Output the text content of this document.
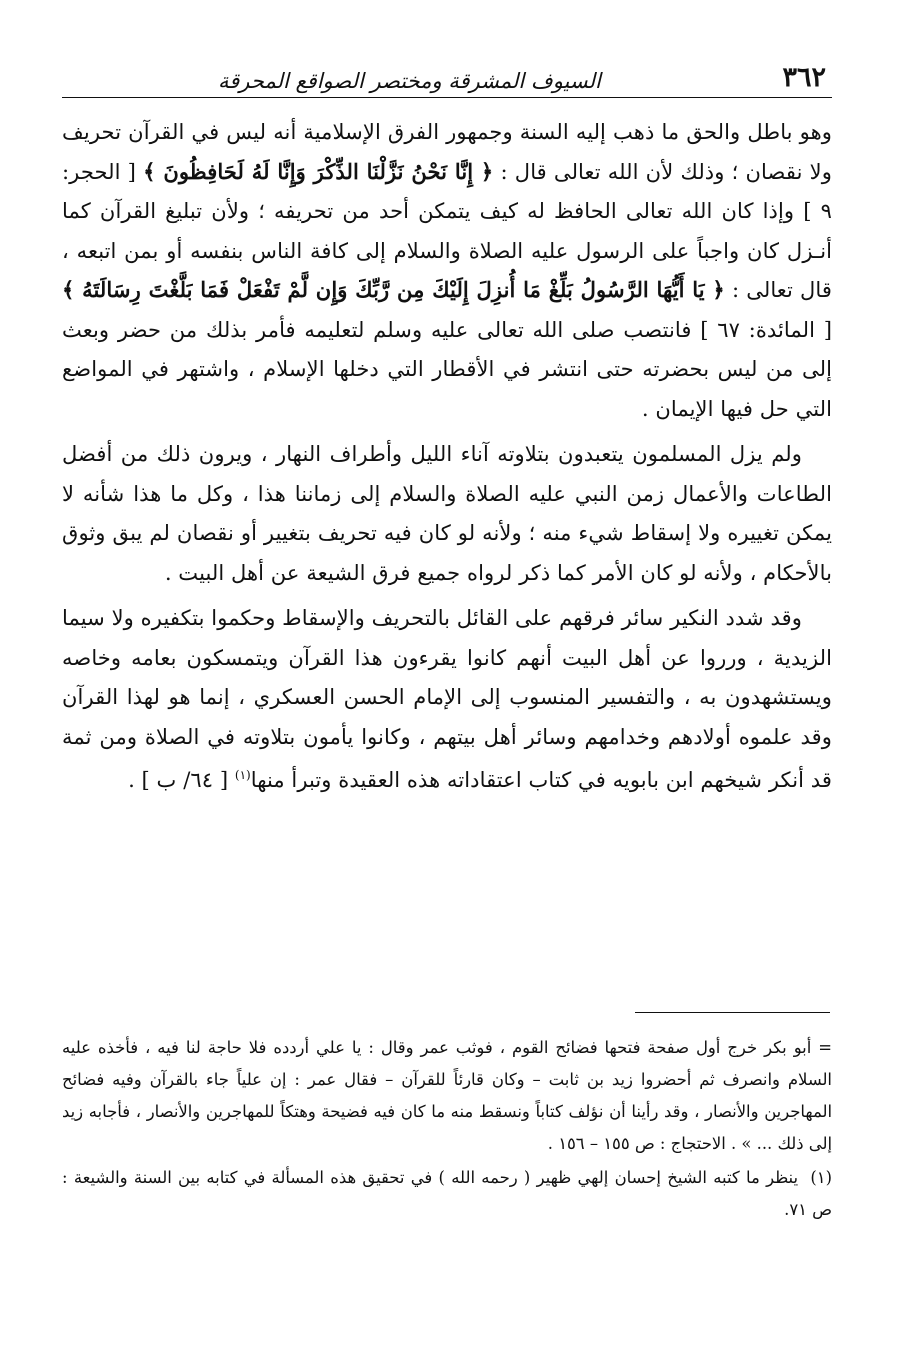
٣٦٢
السيوف المشرقة ومختصر الصواقع المحرقة

وهو باطل والحق ما ذهب إليه السنة وجمهور الفرق الإسلامية أنه ليس في القرآن تحريف ولا نقصان ؛ وذلك لأن الله تعالى قال : ﴿ إِنَّا نَحْنُ نَزَّلْنَا الذِّكْرَ وَإِنَّا لَهُ لَحَافِظُونَ ﴾ [ الحجر: ٩ ] وإذا كان الله تعالى الحافظ له كيف يتمكن أحد من تحريفه ؛ ولأن تبليغ القرآن كما أنـزل كان واجباً على الرسول عليه الصلاة والسلام إلى كافة الناس بنفسه أو بمن اتبعه ، قال تعالى : ﴿ يَا أَيُّهَا الرَّسُولُ بَلِّغْ مَا أُنزِلَ إِلَيْكَ مِن رَّبِّكَ وَإِن لَّمْ تَفْعَلْ فَمَا بَلَّغْتَ رِسَالَتَهُ ﴾ [ المائدة: ٦٧ ] فانتصب صلى الله تعالى عليه وسلم لتعليمه فأمر بذلك من حضر وبعث إلى من ليس بحضرته حتى انتشر في الأقطار التي دخلها الإسلام ، واشتهر في المواضع التي حل فيها الإيمان .

ولم يزل المسلمون يتعبدون بتلاوته آناء الليل وأطراف النهار ، ويرون ذلك من أفضل الطاعات والأعمال زمن النبي عليه الصلاة والسلام إلى زماننا هذا ، وكل ما هذا شأنه لا يمكن تغييره ولا إسقاط شيء منه ؛ ولأنه لو كان فيه تحريف بتغيير أو نقصان لم يبق وثوق بالأحكام ، ولأنه لو كان الأمر كما ذكر لرواه جميع فرق الشيعة عن أهل البيت .

وقد شدد النكير سائر فرقهم على القائل بالتحريف والإسقاط وحكموا بتكفيره ولا سيما الزيدية ، ورروا عن أهل البيت أنهم كانوا يقرءون هذا القرآن ويتمسكون بعامه وخاصه ويستشهدون به ، والتفسير المنسوب إلى الإمام الحسن العسكري ، إنما هو لهذا القرآن وقد علموه أولادهم وخدامهم وسائر أهل بيتهم ، وكانوا يأمون بتلاوته في الصلاة ومن ثمة قد أنكر شيخهم ابن بابويه في كتاب اعتقاداته هذه العقيدة وتبرأ منها$^{(١)}$ [ ٦٤/ ب ] .

= أبو بكر خرج أول صفحة فتحها فضائح القوم ، فوثب عمر وقال : يا علي أردده فلا حاجة لنا فيه ، فأخذه عليه السلام وانصرف ثم أحضروا زيد بن ثابت – وكان قارئاً للقرآن – فقال عمر : إن علياً جاء بالقرآن وفيه فضائح المهاجرين والأنصار ، وقد رأينا أن نؤلف كتاباً ونسقط منه ما كان فيه فضيحة وهتكاً للمهاجرين والأنصار ، فأجابه زيد إلى ذلك ... » . الاحتجاج : ص ١٥٥ – ١٥٦ .

(١) ينظر ما كتبه الشيخ إحسان إلهي ظهير ( رحمه الله ) في تحقيق هذه المسألة في كتابه بين السنة والشيعة : ص ٧١.
